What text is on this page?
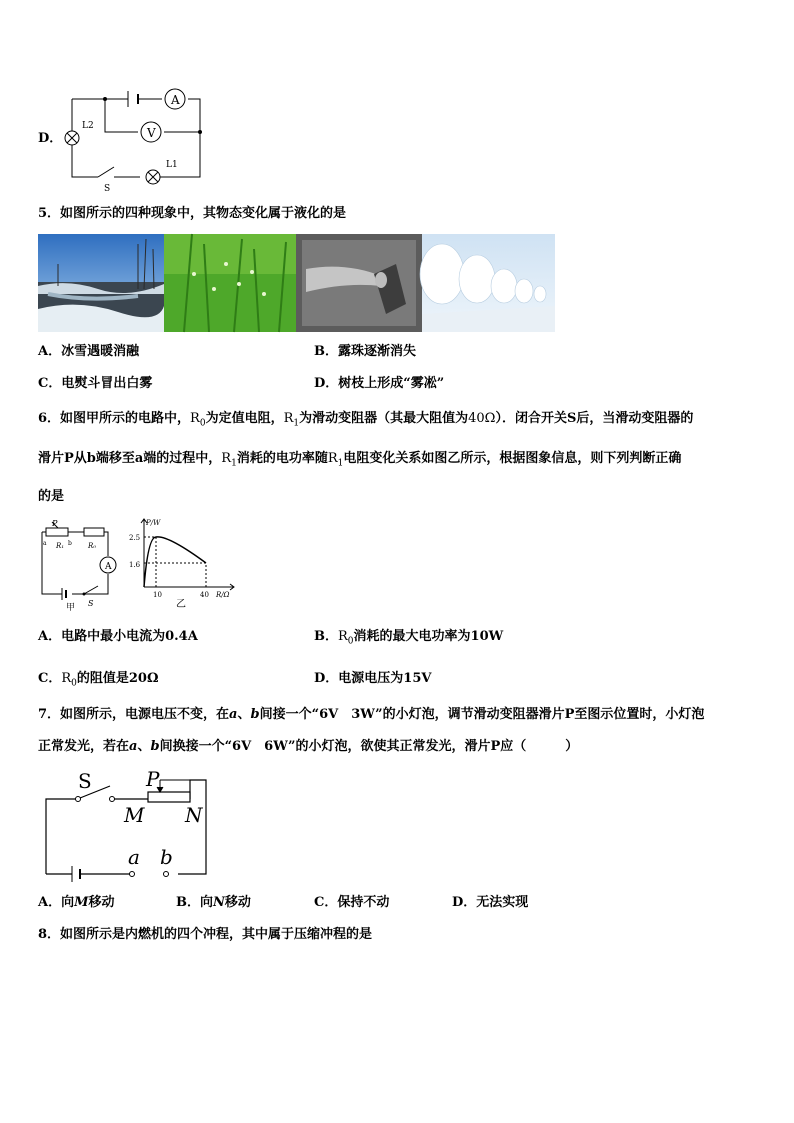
D．
A
V
L2
L1
S
5．如图所示的四种现象中，其物态变化属于液化的是
A．冰雪遇暖消融	B．露珠逐渐消失
C．电熨斗冒出白雾	D．树枝上形成“雾凇”
6．如图甲所示的电路中，$R_0$为定值电阻，$R_1$为滑动变阻器（其最大阻值为40Ω）．闭合开关S后，当滑动变阻器的
滑片P从b端移至a端的过程中，$R_1$消耗的电功率随$R_1$电阻变化关系如图乙所示，根据图象信息，则下列判断正确
的是
P
a	b
R₁	R₀
A
S
甲
P/W
2.5
1.6
10	40 R/Ω
乙
A．电路中最小电流为0.4A	B．$R_0$消耗的最大电功率为10W
C．$R_0$的阻值是20Ω	D．电源电压为15V
7．如图所示，电源电压不变，在a、b间接一个“6V　3W”的小灯泡，调节滑动变阻器滑片P至图示位置时，小灯泡
正常发光，若在a、b间换接一个“6V　6W”的小灯泡，欲使其正常发光，滑片P应（　　　）
S	P
M N
a b
A．向M移动	B．向N移动	C．保持不动	D．无法实现
8．如图所示是内燃机的四个冲程，其中属于压缩冲程的是
